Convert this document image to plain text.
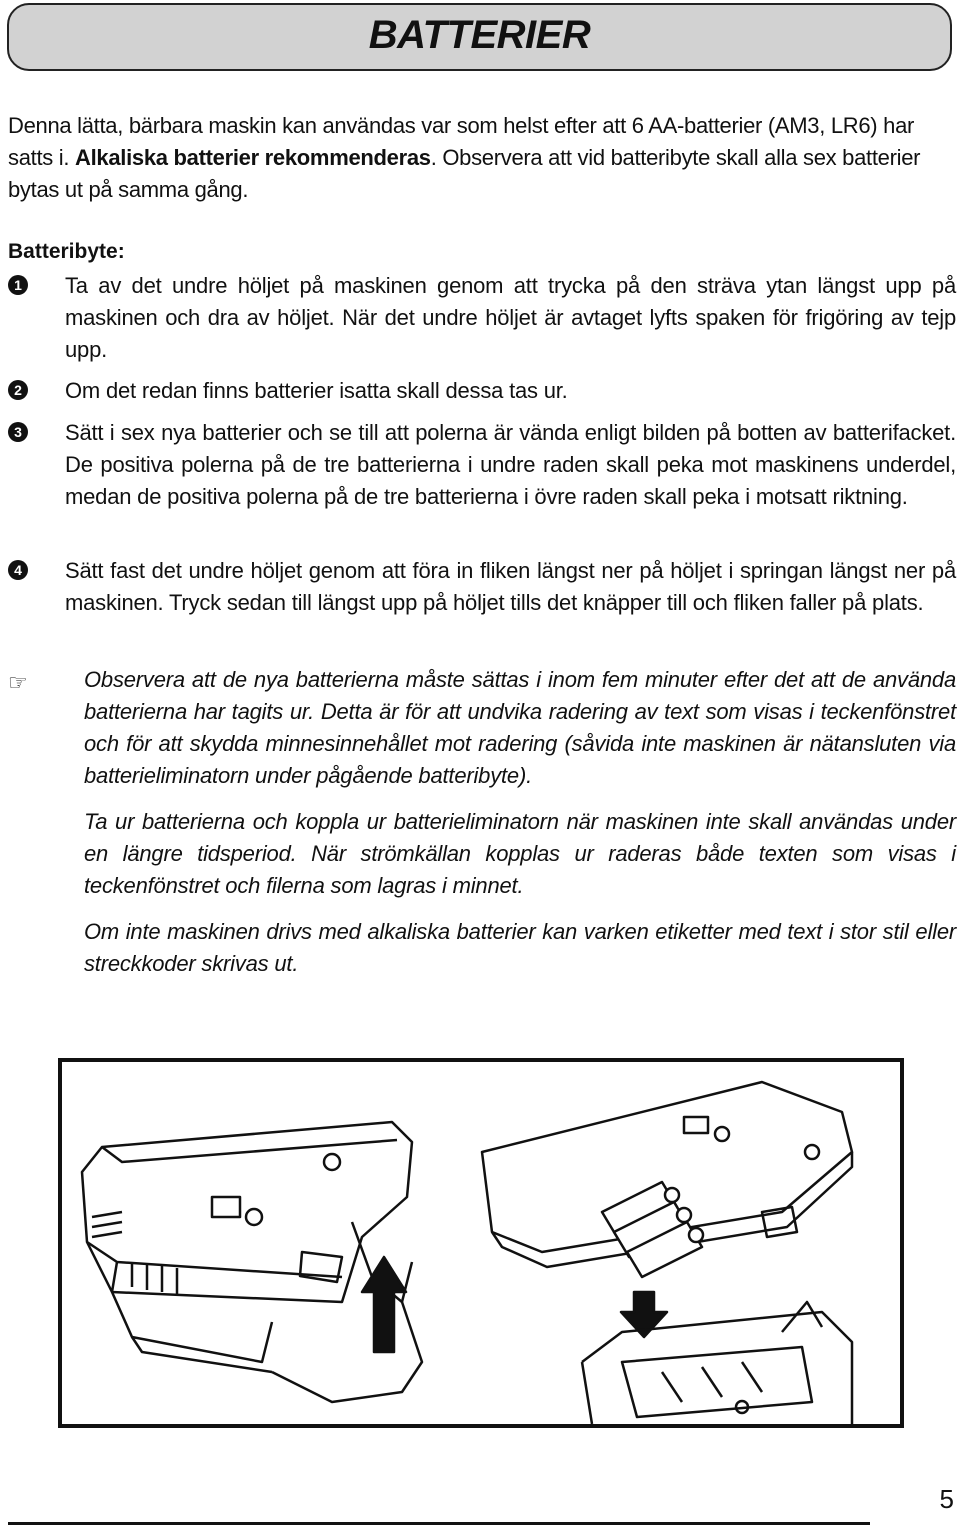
BATTERIER

Denna lätta, bärbara maskin kan användas var som helst efter att 6 AA-batterier (AM3, LR6) har satts i. Alkaliska batterier rekommenderas. Observera att vid batteribyte skall alla sex batterier bytas ut på samma gång.

Batteribyte:
1 Ta av det undre höljet på maskinen genom att trycka på den sträva ytan längst upp på maskinen och dra av höljet. När det undre höljet är avtaget lyfts spaken för frigöring av tejp upp.
2 Om det redan finns batterier isatta skall dessa tas ur.
3 Sätt i sex nya batterier och se till att polerna är vända enligt bilden på botten av batterifacket. De positiva polerna på de tre batterierna i undre raden skall peka mot maskinens underdel, medan de positiva polerna på de tre batterierna i övre raden skall peka i motsatt riktning.
4 Sätt fast det undre höljet genom att föra in fliken längst ner på höljet i springan längst ner på maskinen. Tryck sedan till längst upp på höljet tills det knäpper till och fliken faller på plats.
☞	Observera att de nya batterierna måste sättas i inom fem minuter efter det att de använda batterierna har tagits ur. Detta är för att undvika radering av text som visas i teckenfönstret och för att skydda minnesinnehållet mot radering (såvida inte maskinen är nätansluten via batterieliminatorn under pågående batteribyte).

Ta ur batterierna och koppla ur batterieliminatorn när maskinen inte skall användas under en längre tidsperiod. När strömkällan kopplas ur raderas både texten som visas i teckenfönstret och filerna som lagras i minnet.

Om inte maskinen drivs med alkaliska batterier kan varken etiketter med text i stor stil eller streckkoder skrivas ut.

5
